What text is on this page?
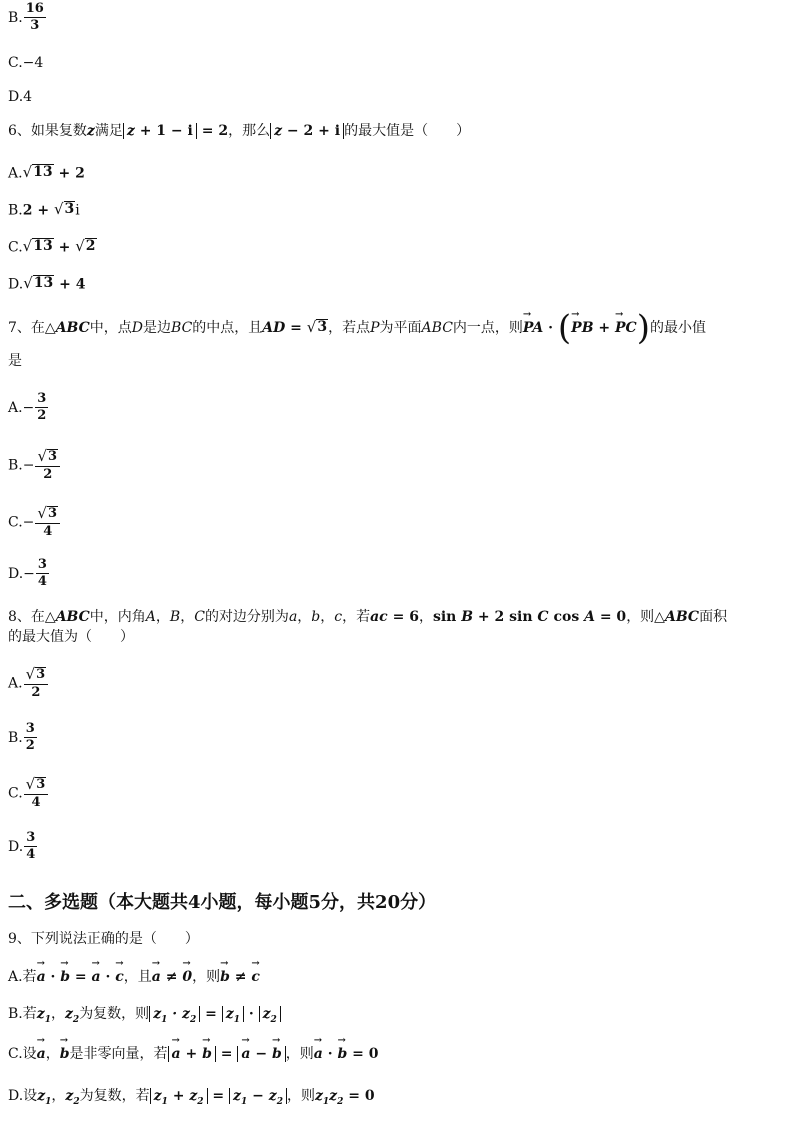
B. $\frac{16}{3}$
C.−4
D.4
6、如果复数z满足 z + 1 − i = 2，那么 z − 2 + i 的最大值是（　　）
A. √ 13 + 2
B.2 + √ 3 i
C. √ 13 + √ 2
D. √ 13 + 4
7、在△ABC中，点D是边BC的中点，且AD = √ 3 ，若点P为平面ABC内一点，则→ PA · (→ PB + → PC)的最小值
是
$A.- \frac{3}{2}$
$B.- \frac{√ 3}{2}$
$C.- \frac{√ 3}{4}$
$D.- \frac{3}{4}$
8、在△ABC中，内角A，B，C的对边分别为a，b，c，若ac = 6，sin B + 2 sin C cos A = 0，则△ABC面积
的最大值为（　　）
A. $\frac{√ 3}{2}$
B. $\frac{3}{2}$
C. $\frac{√ 3}{4}$
D. $\frac{3}{4}$
二、多选题（本大题共4小题，每小题5分，共20分）
9、下列说法正确的是（　　）
A.若→ a · → b = → a · → c，且→ a ≠ → 0，则→ b ≠ → c
B.若$z_1$，$z_2$为复数，则 $z_1 \cdot z_2 = z_1 \cdot z_2$
C.设→ a，→ b是非零向量，若→ a + → b = → a − → b ，则→ a · → b = 0
D.设$z_1$，$z_2$为复数，若 $z_1 + z_2 = z_1 - z_2$ ，则$z_1z_2 = 0$
